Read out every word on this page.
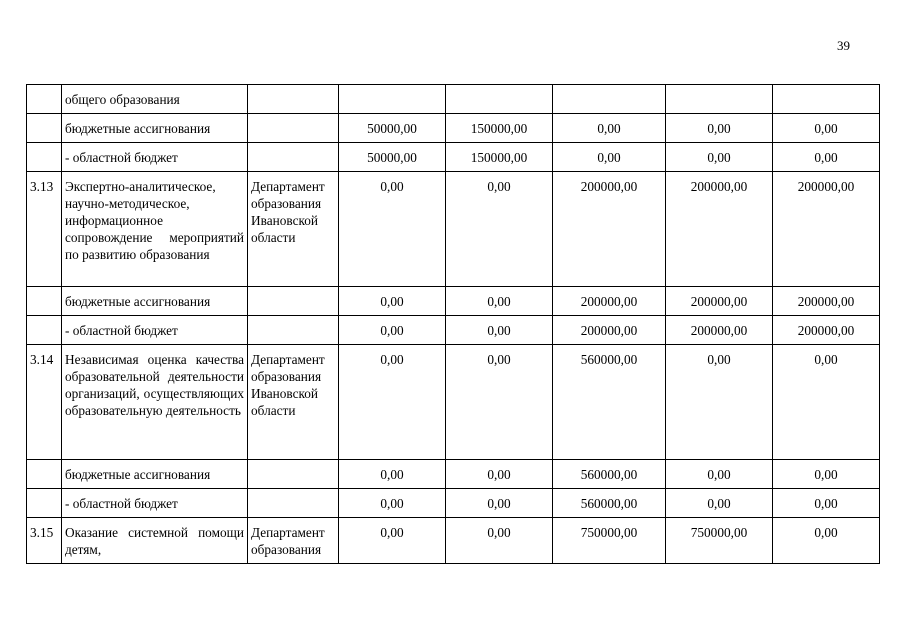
39
	общего образования						
	бюджетные ассигнования		50000,00	150000,00	0,00	0,00	0,00
	- областной бюджет		50000,00	150000,00	0,00	0,00	0,00
3.13	Экспертно-аналитическое, научно-методическое, информационное сопровождение мероприятий по развитию образования	Департамент образования Ивановской области	0,00	0,00	200000,00	200000,00	200000,00
	бюджетные ассигнования		0,00	0,00	200000,00	200000,00	200000,00
	- областной бюджет		0,00	0,00	200000,00	200000,00	200000,00
3.14	Независимая оценка качества образовательной деятельности организаций, осуществляющих образовательную деятельность	Департамент образования Ивановской области	0,00	0,00	560000,00	0,00	0,00
	бюджетные ассигнования		0,00	0,00	560000,00	0,00	0,00
	- областной бюджет		0,00	0,00	560000,00	0,00	0,00
3.15	Оказание системной помощи детям,	Департамент образования	0,00	0,00	750000,00	750000,00	0,00
